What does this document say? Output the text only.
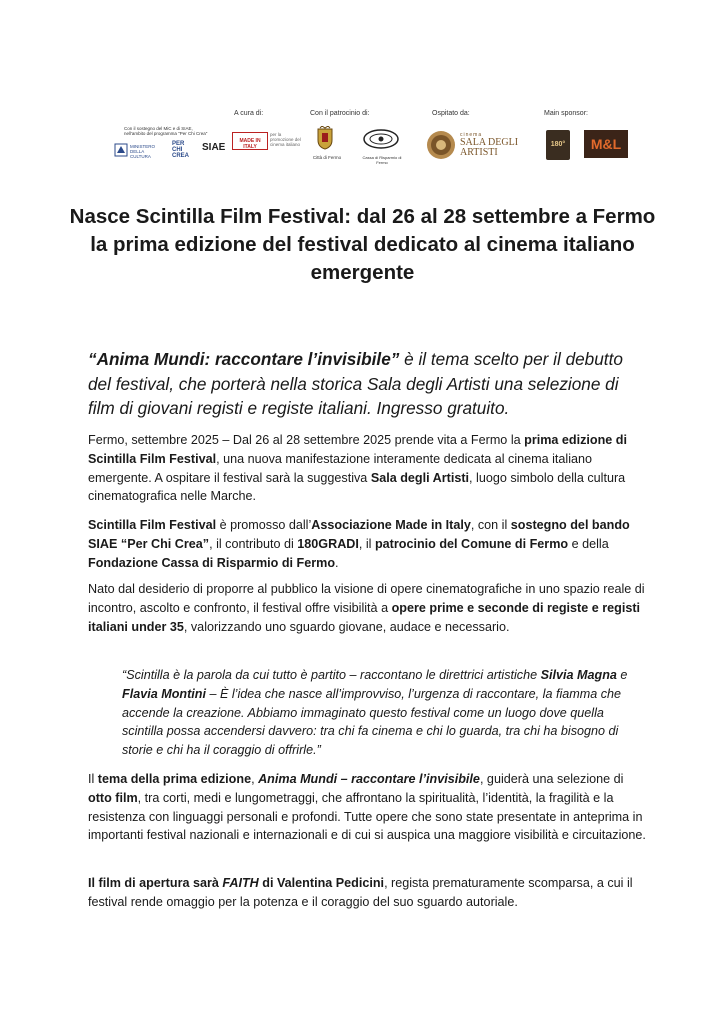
Con il sostegno del MiC e di SIAE,
nell'ambito del programma "Per Chi Crea"
MINISTERO DELLA CULTURA
PER CHI
CREA
SIAE
A cura di:
MADE IN ITALY
per la promozione del cinema italiano
Con il patrocinio di:
Città di Fermo	Cassa di Risparmio di Fermo
Ospitato da:
cinema
SALA DEGLI
ARTISTI
Main sponsor:
180°	M&L
Nasce Scintilla Film Festival: dal 26 al 28 settembre a Fermo la prima edizione del festival dedicato al cinema italiano emergente

“Anima Mundi: raccontare l’invisibile” è il tema scelto per il debutto del festival, che porterà nella storica Sala degli Artisti una selezione di film di giovani registi e registe italiani. Ingresso gratuito.

Fermo, settembre 2025 – Dal 26 al 28 settembre 2025 prende vita a Fermo la prima edizione di Scintilla Film Festival, una nuova manifestazione interamente dedicata al cinema italiano emergente. A ospitare il festival sarà la suggestiva Sala degli Artisti, luogo simbolo della cultura cinematografica nelle Marche.

Scintilla Film Festival è promosso dall’Associazione Made in Italy, con il sostegno del bando SIAE “Per Chi Crea”, il contributo di 180GRADI, il patrocinio del Comune di Fermo e della Fondazione Cassa di Risparmio di Fermo.

Nato dal desiderio di proporre al pubblico la visione di opere cinematografiche in uno spazio reale di incontro, ascolto e confronto, il festival offre visibilità a opere prime e seconde di registe e registi italiani under 35, valorizzando uno sguardo giovane, audace e necessario.

“Scintilla è la parola da cui tutto è partito – raccontano le direttrici artistiche Silvia Magna e Flavia Montini – È l’idea che nasce all’improvviso, l’urgenza di raccontare, la fiamma che accende la creazione. Abbiamo immaginato questo festival come un luogo dove quella scintilla possa accendersi davvero: tra chi fa cinema e chi lo guarda, tra chi ha bisogno di storie e chi ha il coraggio di offrirle.”

Il tema della prima edizione, Anima Mundi – raccontare l’invisibile, guiderà una selezione di otto film, tra corti, medi e lungometraggi, che affrontano la spiritualità, l’identità, la fragilità e la resistenza con linguaggi personali e profondi. Tutte opere che sono state presentate in anteprima in importanti festival nazionali e internazionali e di cui si auspica una maggiore visibilità e circuitazione.

Il film di apertura sarà FAITH di Valentina Pedicini, regista prematuramente scomparsa, a cui il festival rende omaggio per la potenza e il coraggio del suo sguardo autoriale.
